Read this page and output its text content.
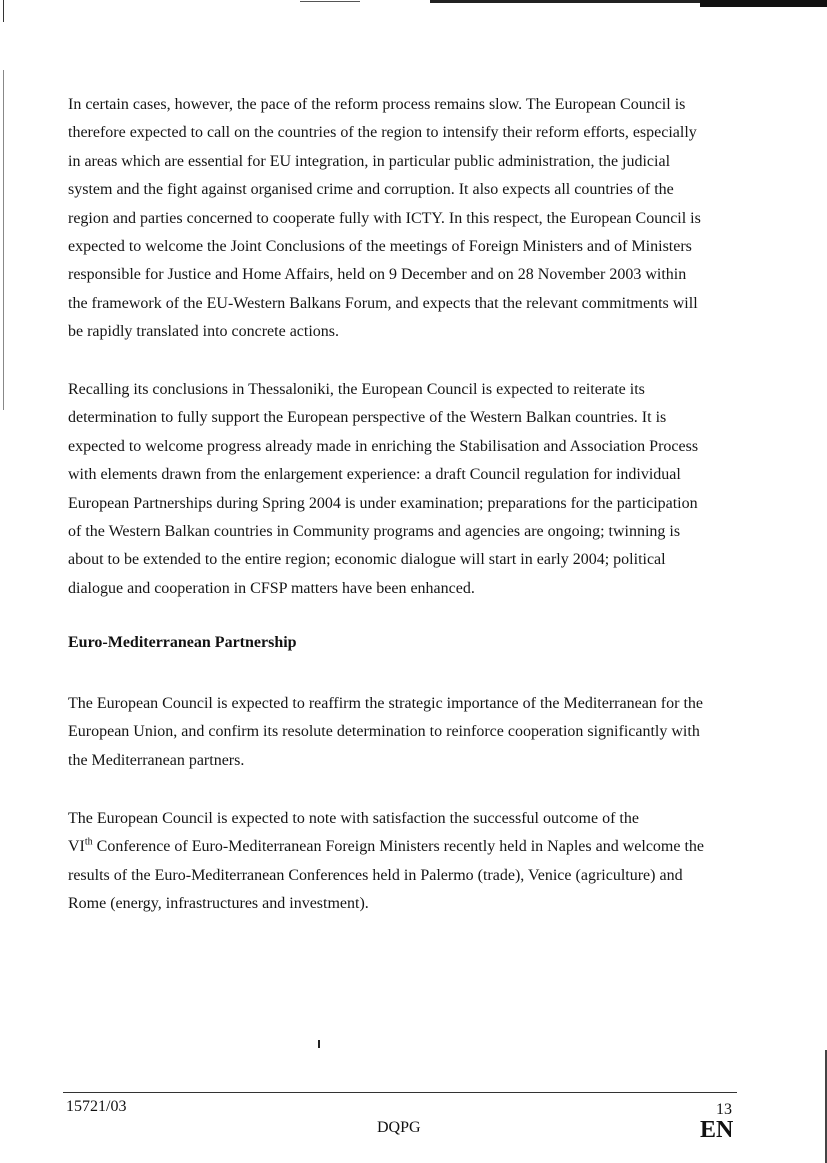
In certain cases, however, the pace of the reform process remains slow. The European Council is
therefore expected to call on the countries of the region to intensify their reform efforts, especially
in areas which are essential for EU integration, in particular public administration, the judicial
system and the fight against organised crime and corruption. It also expects all countries of the
region and parties concerned to cooperate fully with ICTY. In this respect, the European Council is
expected to welcome the Joint Conclusions of the meetings of Foreign Ministers and of Ministers
responsible for Justice and Home Affairs, held on 9 December and on 28 November 2003 within
the framework of the EU-Western Balkans Forum, and expects that the relevant commitments will
be rapidly translated into concrete actions.

Recalling its conclusions in Thessaloniki, the European Council is expected to reiterate its
determination to fully support the European perspective of the Western Balkan countries. It is
expected to welcome progress already made in enriching the Stabilisation and Association Process
with elements drawn from the enlargement experience: a draft Council regulation for individual
European Partnerships during Spring 2004 is under examination; preparations for the participation
of the Western Balkan countries in Community programs and agencies are ongoing; twinning is
about to be extended to the entire region; economic dialogue will start in early 2004; political
dialogue and cooperation in CFSP matters have been enhanced.

Euro-Mediterranean Partnership

The European Council is expected to reaffirm the strategic importance of the Mediterranean for the
European Union, and confirm its resolute determination to reinforce cooperation significantly with
the Mediterranean partners.

The European Council is expected to note with satisfaction the successful outcome of the
VIth Conference of Euro-Mediterranean Foreign Ministers recently held in Naples and welcome the
results of the Euro-Mediterranean Conferences held in Palermo (trade), Venice (agriculture) and
Rome (energy, infrastructures and investment).

15721/03
DQPG
13
EN
